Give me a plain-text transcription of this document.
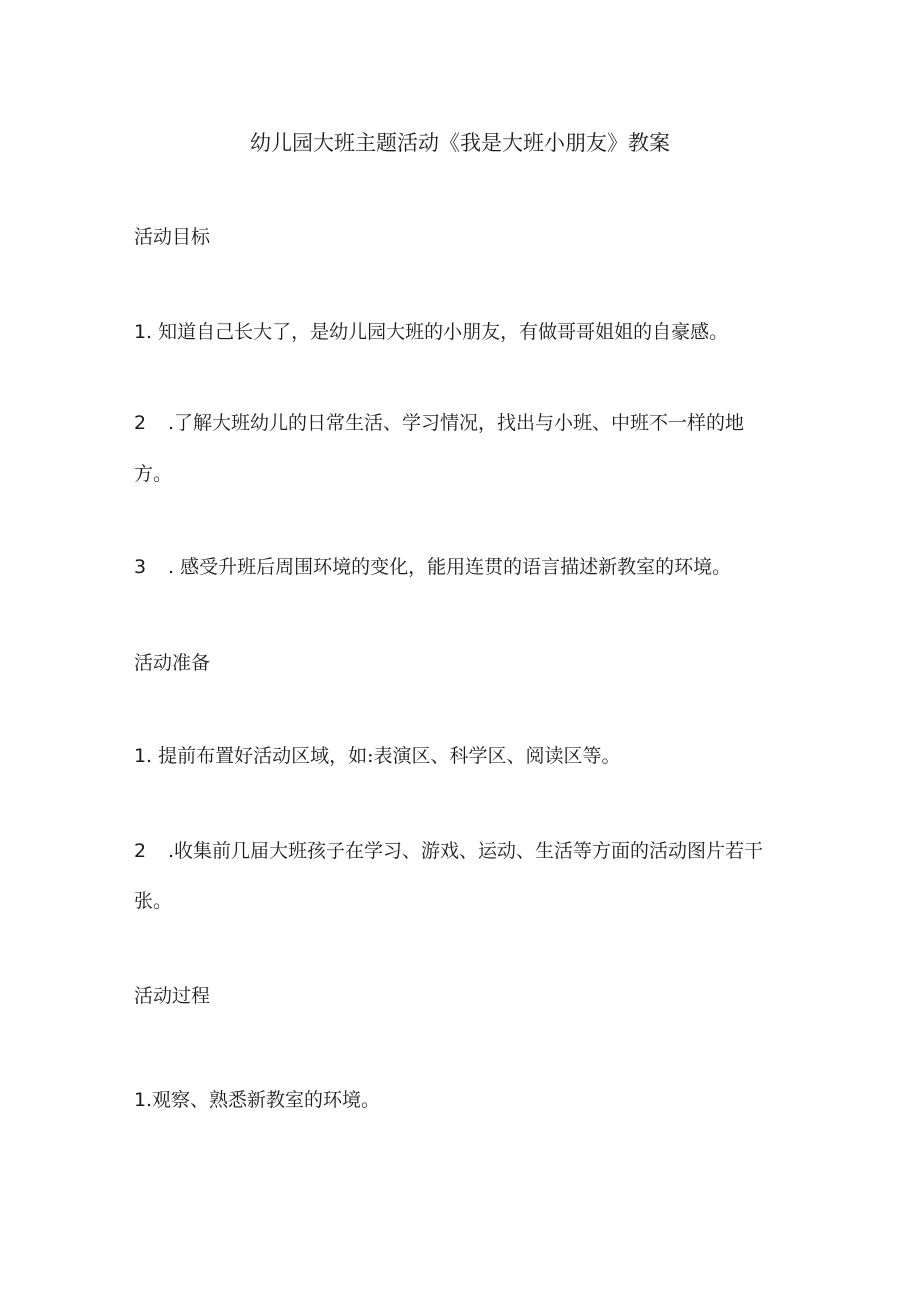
幼儿园大班主题活动《我是大班小朋友》教案
活动目标
1. 知道自己长大了，是幼儿园大班的小朋友，有做哥哥姐姐的自豪感。
2 .了解大班幼儿的日常生活、学习情况，找出与小班、中班不一样的地
方。
3 . 感受升班后周围环境的变化，能用连贯的语言描述新教室的环境。
活动准备
1. 提前布置好活动区域，如:表演区、科学区、阅读区等。
2 .收集前几届大班孩子在学习、游戏、运动、生活等方面的活动图片若干
张。
活动过程
1.观察、熟悉新教室的环境。
